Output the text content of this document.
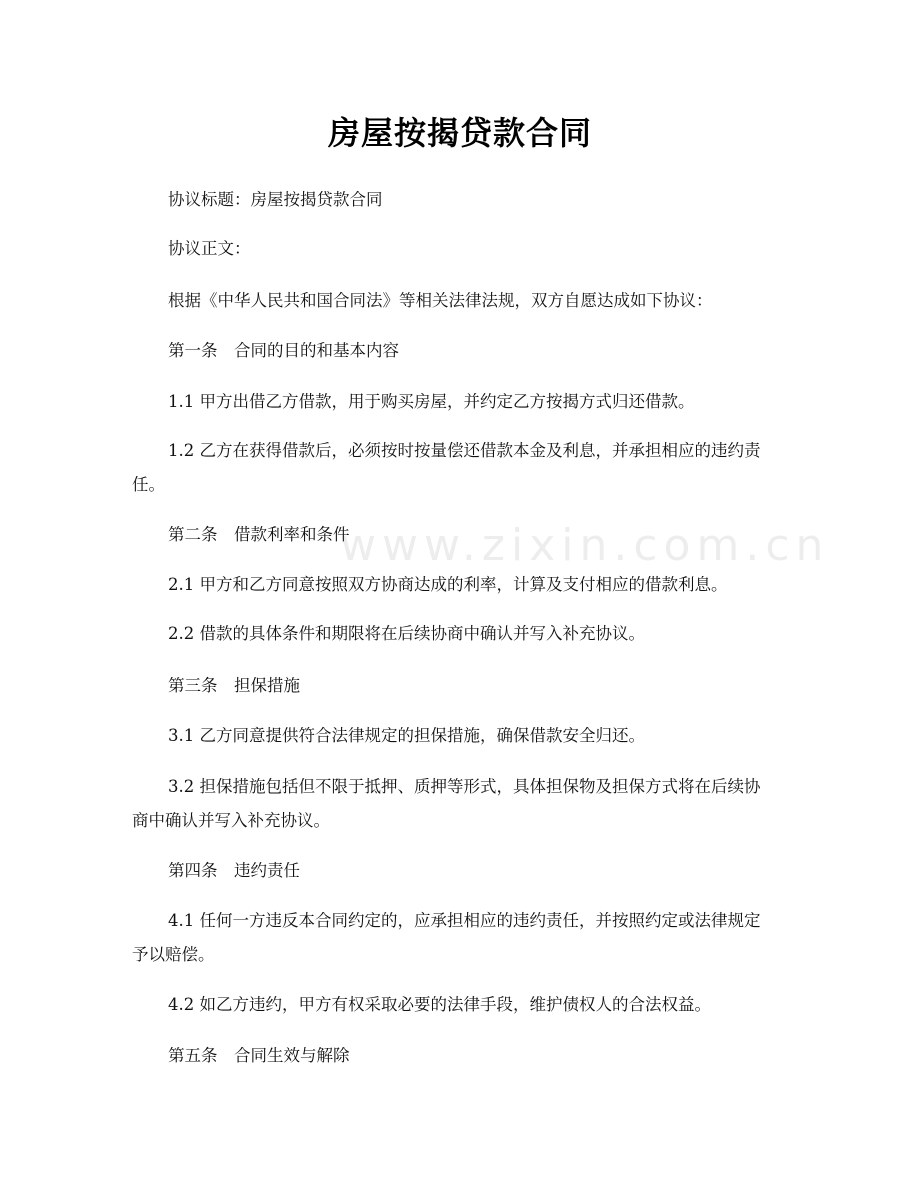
www.zixin.com.cn
房屋按揭贷款合同

协议标题：房屋按揭贷款合同

协议正文：

根据《中华人民共和国合同法》等相关法律法规，双方自愿达成如下协议：

第一条　合同的目的和基本内容

1.1 甲方出借乙方借款，用于购买房屋，并约定乙方按揭方式归还借款。

1.2 乙方在获得借款后，必须按时按量偿还借款本金及利息，并承担相应的违约责任。

第二条　借款利率和条件

2.1 甲方和乙方同意按照双方协商达成的利率，计算及支付相应的借款利息。

2.2 借款的具体条件和期限将在后续协商中确认并写入补充协议。

第三条　担保措施

3.1 乙方同意提供符合法律规定的担保措施，确保借款安全归还。

3.2 担保措施包括但不限于抵押、质押等形式，具体担保物及担保方式将在后续协商中确认并写入补充协议。

第四条　违约责任

4.1 任何一方违反本合同约定的，应承担相应的违约责任，并按照约定或法律规定予以赔偿。

4.2 如乙方违约，甲方有权采取必要的法律手段，维护债权人的合法权益。

第五条　合同生效与解除
